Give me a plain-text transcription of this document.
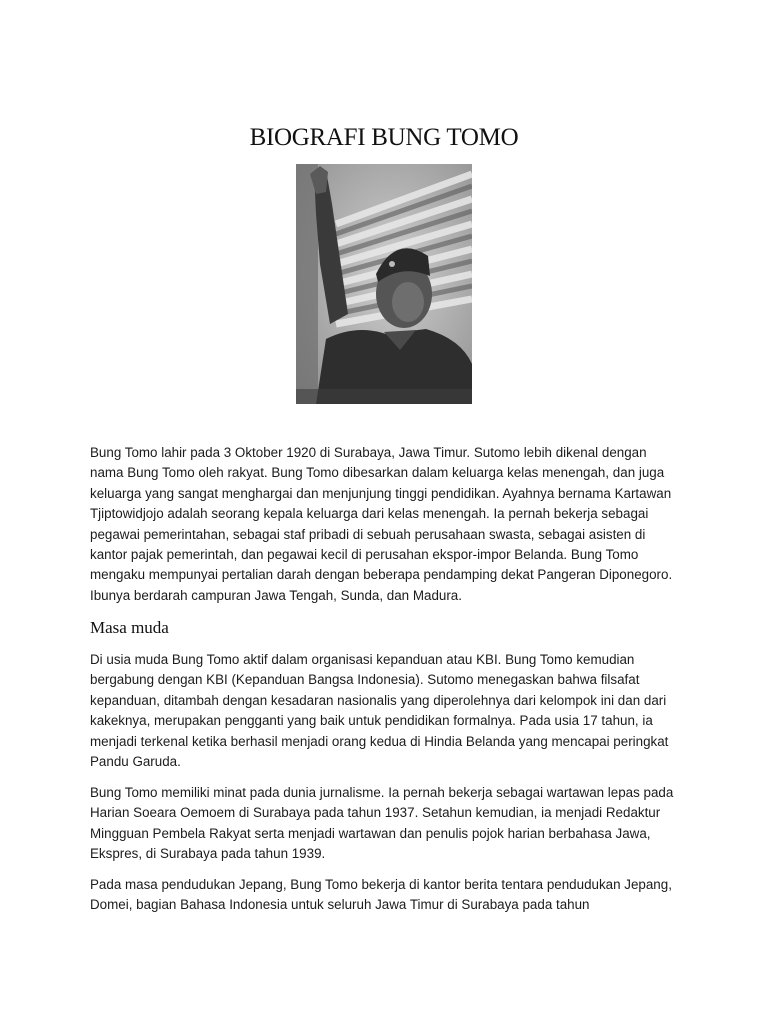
BIOGRAFI BUNG TOMO

Bung Tomo lahir pada 3 Oktober 1920 di Surabaya, Jawa Timur. Sutomo lebih dikenal dengan nama Bung Tomo oleh rakyat. Bung Tomo dibesarkan dalam keluarga kelas menengah, dan juga keluarga yang sangat menghargai dan menjunjung tinggi pendidikan. Ayahnya bernama Kartawan Tjiptowidjojo adalah seorang kepala keluarga dari kelas menengah. Ia pernah bekerja sebagai pegawai pemerintahan, sebagai staf pribadi di sebuah perusahaan swasta, sebagai asisten di kantor pajak pemerintah, dan pegawai kecil di perusahan ekspor-impor Belanda. Bung Tomo mengaku mempunyai pertalian darah dengan beberapa pendamping dekat Pangeran Diponegoro. Ibunya berdarah campuran Jawa Tengah, Sunda, dan Madura.

Masa muda

Di usia muda Bung Tomo aktif dalam organisasi kepanduan atau KBI. Bung Tomo kemudian bergabung dengan KBI (Kepanduan Bangsa Indonesia). Sutomo menegaskan bahwa filsafat kepanduan, ditambah dengan kesadaran nasionalis yang diperolehnya dari kelompok ini dan dari kakeknya, merupakan pengganti yang baik untuk pendidikan formalnya. Pada usia 17 tahun, ia menjadi terkenal ketika berhasil menjadi orang kedua di Hindia Belanda yang mencapai peringkat Pandu Garuda.

Bung Tomo memiliki minat pada dunia jurnalisme. Ia pernah bekerja sebagai wartawan lepas pada Harian Soeara Oemoem di Surabaya pada tahun 1937. Setahun kemudian, ia menjadi Redaktur Mingguan Pembela Rakyat serta menjadi wartawan dan penulis pojok harian berbahasa Jawa, Ekspres, di Surabaya pada tahun 1939.

Pada masa pendudukan Jepang, Bung Tomo bekerja di kantor berita tentara pendudukan Jepang, Domei, bagian Bahasa Indonesia untuk seluruh Jawa Timur di Surabaya pada tahun
